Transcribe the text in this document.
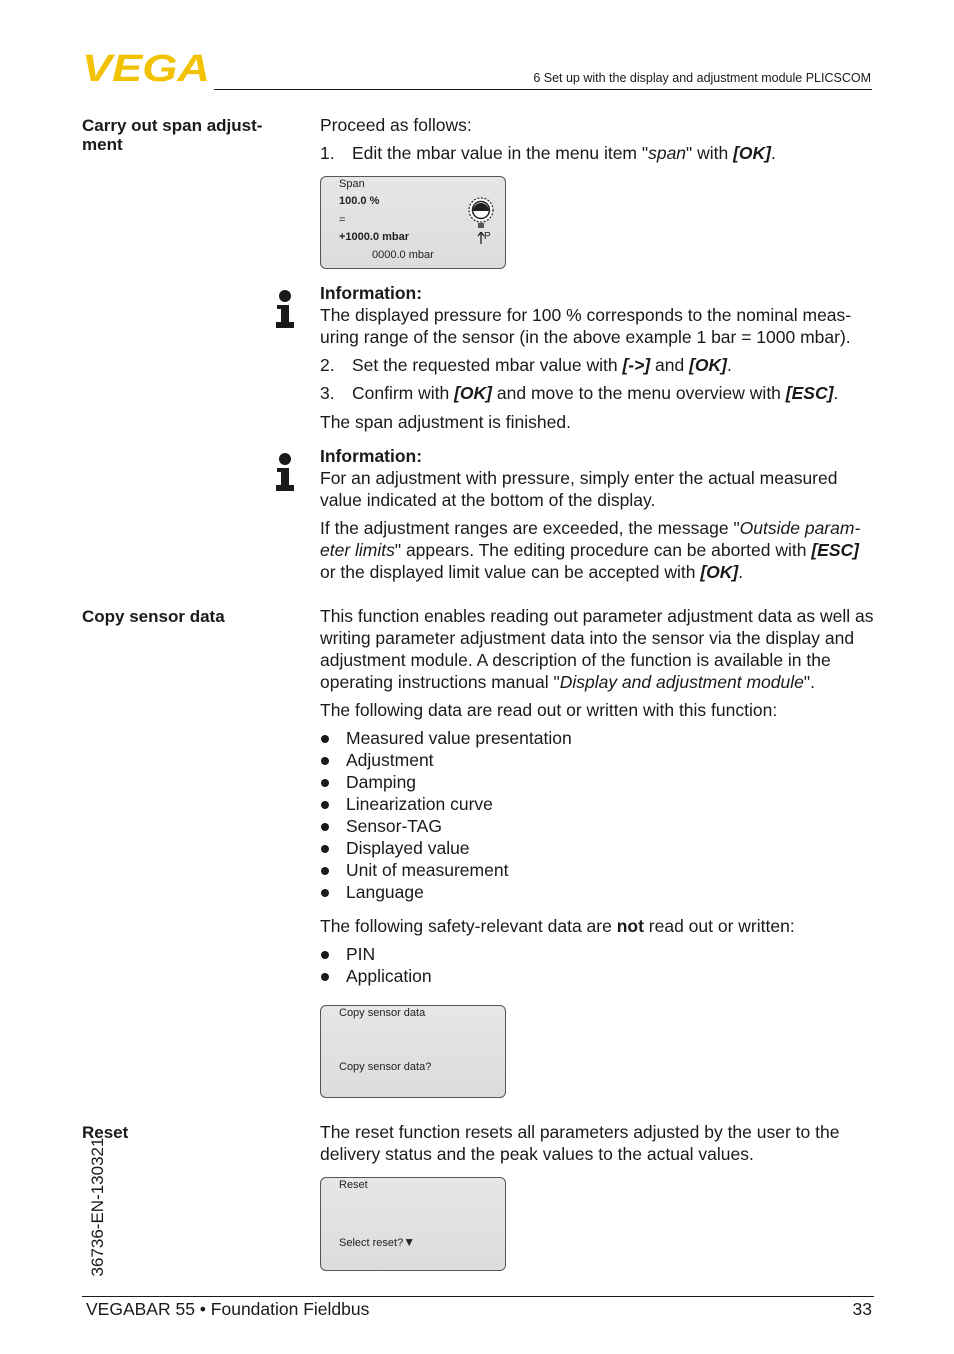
VEGA	6 Set up with the display and adjustment module PLICSCOM
Carry out span adjust-ment
Proceed as follows:
1. Edit the mbar value in the menu item "span" with [OK].
Span
100.0 %
=
+1000.0 mbar
0000.0 mbar
P
Information:
The displayed pressure for 100 % corresponds to the nominal meas-uring range of the sensor (in the above example 1 bar = 1000 mbar).
2. Set the requested mbar value with [->] and [OK].
3. Confirm with [OK] and move to the menu overview with [ESC].
The span adjustment is finished.
Information:
For an adjustment with pressure, simply enter the actual measured value indicated at the bottom of the display.
If the adjustment ranges are exceeded, the message "Outside param-eter limits" appears. The editing procedure can be aborted with [ESC] or the displayed limit value can be accepted with [OK].
Copy sensor data	This function enables reading out parameter adjustment data as well as writing parameter adjustment data into the sensor via the display and adjustment module. A description of the function is available in the operating instructions manual "Display and adjustment module".
The following data are read out or written with this function:
Measured value presentation
Adjustment
Damping
Linearization curve
Sensor-TAG
Displayed value
Unit of measurement
Language
The following safety-relevant data are not read out or written:
PIN
Application
Copy sensor data
Copy sensor data?
Reset	The reset function resets all parameters adjusted by the user to the delivery status and the peak values to the actual values.
Reset
Select reset?▼
36736-EN-130321
VEGABAR 55 • Foundation Fieldbus	33
